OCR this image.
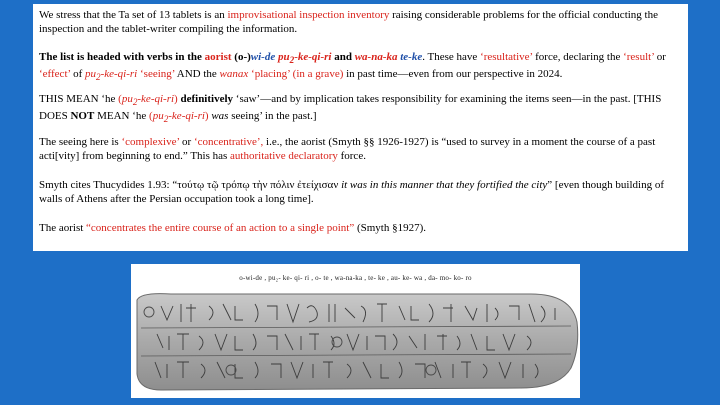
We stress that the Ta set of 13 tablets is an improvisational inspection inventory raising considerable problems for the official conducting the inspection and the tablet-writer compiling the information.
The list is headed with verbs in the aorist (o-)wi-de $pu_2-ke-qi-ri$ and wa-na-ka te-ke. These have ‘resultative’ force, declaring the ‘result’ or ‘effect’ of $pu_2-ke-qi-ri$ ‘seeing’ AND the wanax ‘placing’ (in a grave) in past time—even from our perspective in 2024.
THIS MEAN ‘he $(pu_2-ke-qi-ri)$ definitively ‘saw’—and by implication takes responsibility for examining the items seen—in the past. [THIS DOES NOT MEAN ‘he $(pu_2-ke-qi-ri)$ was seeing’ in the past.]
The seeing here is ‘complexive’ or ‘concentrative’, i.e., the aorist (Smyth §§ 1926-1927) is “used to survey in a moment the course of a past acti[vity] from beginning to end.” This has authoritative declaratory force.
Smyth cites Thucydides 1.93: “τούτῳ τῷ τρόπῳ τὴν πόλιν ἐτείχισαν it was in this manner that they fortified the city” [even though building of walls of Athens after the Persian occupation took a long time].
The aorist “concentrates the entire course of an action to a single point” (Smyth §1927).
o-wi-de , pu₂- ke- qi- ri , o- te , wa-na-ka , te- ke , au- ke- wa , da- mo- ko- ro
